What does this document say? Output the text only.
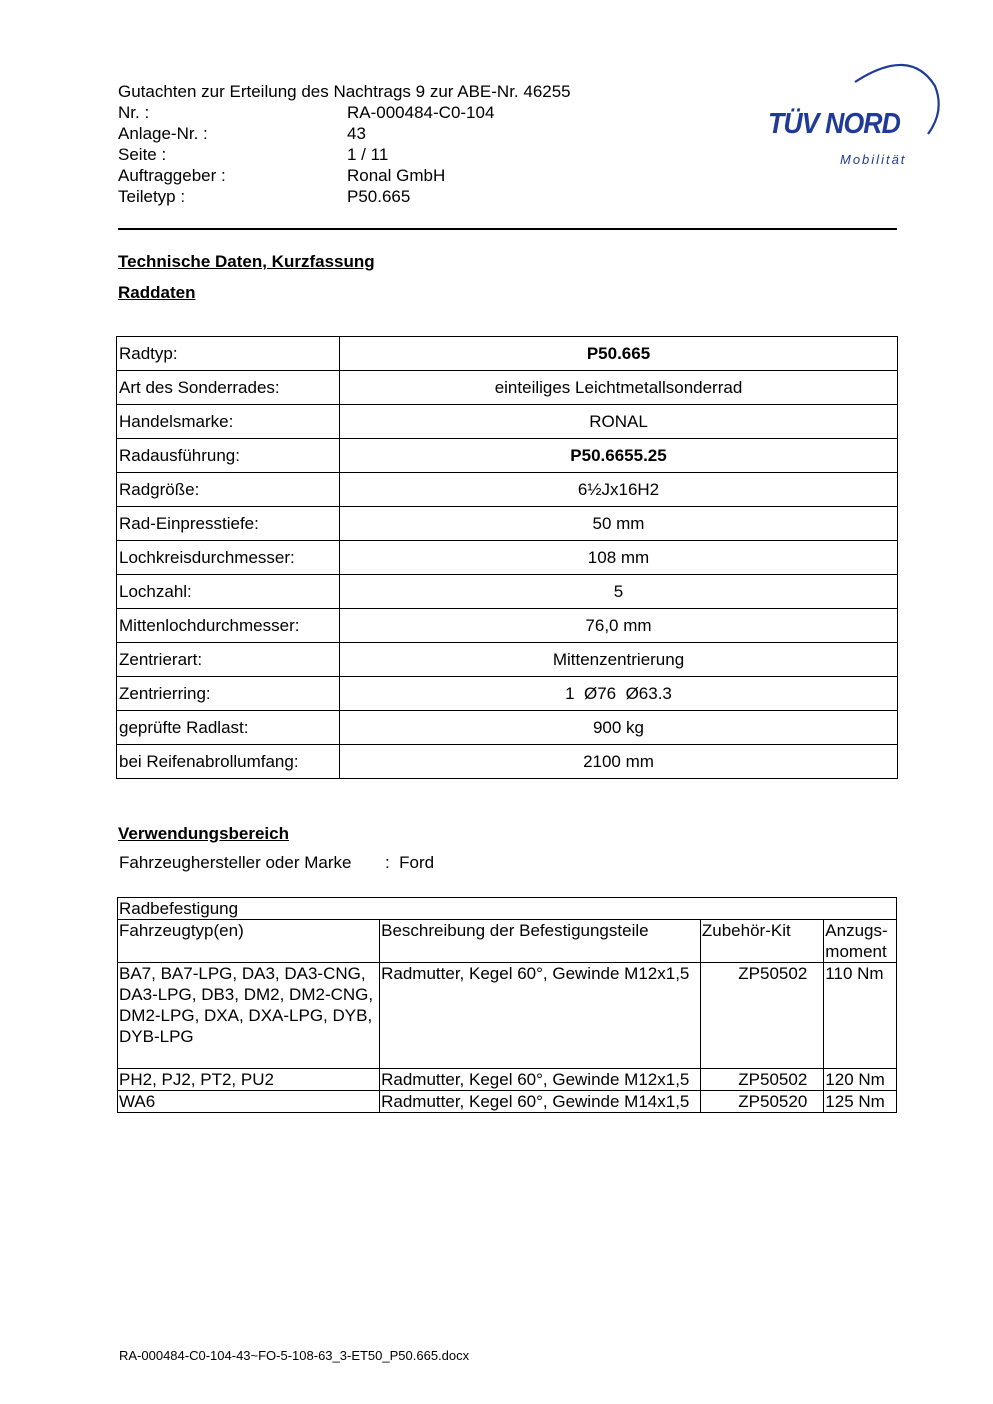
Gutachten zur Erteilung des Nachtrags 9 zur ABE-Nr. 46255
Nr. :	RA-000484-C0-104
Anlage-Nr. :	43
Seite :	1 / 11
Auftraggeber :	Ronal GmbH
Teiletyp :	P50.665
TÜV NORD
Mobilität
Technische Daten, Kurzfassung
Raddaten
Radtyp:	P50.665
Art des Sonderrades:	einteiliges Leichtmetallsonderrad
Handelsmarke:	RONAL
Radausführung:	P50.6655.25
Radgröße:	6½Jx16H2
Rad-Einpresstiefe:	50 mm
Lochkreisdurchmesser:	108 mm
Lochzahl:	5
Mittenlochdurchmesser:	76,0 mm
Zentrierart:	Mittenzentrierung
Zentrierring:	1  Ø76  Ø63.3
geprüfte Radlast:	900 kg
bei Reifenabrollumfang:	2100 mm
Verwendungsbereich
Fahrzeughersteller oder Marke	:  Ford
Radbefestigung			
Fahrzeugtyp(en)	Beschreibung der Befestigungsteile	Zubehör-Kit	Anzugs-moment
BA7, BA7-LPG, DA3, DA3-CNG, DA3-LPG, DB3, DM2, DM2-CNG, DM2-LPG, DXA, DXA-LPG, DYB, DYB-LPG	Radmutter, Kegel 60°, Gewinde M12x1,5	ZP50502	110 Nm
PH2, PJ2, PT2, PU2	Radmutter, Kegel 60°, Gewinde M12x1,5	ZP50502	120 Nm
WA6	Radmutter, Kegel 60°, Gewinde M14x1,5	ZP50520	125 Nm
RA-000484-C0-104-43~FO-5-108-63_3-ET50_P50.665.docx
